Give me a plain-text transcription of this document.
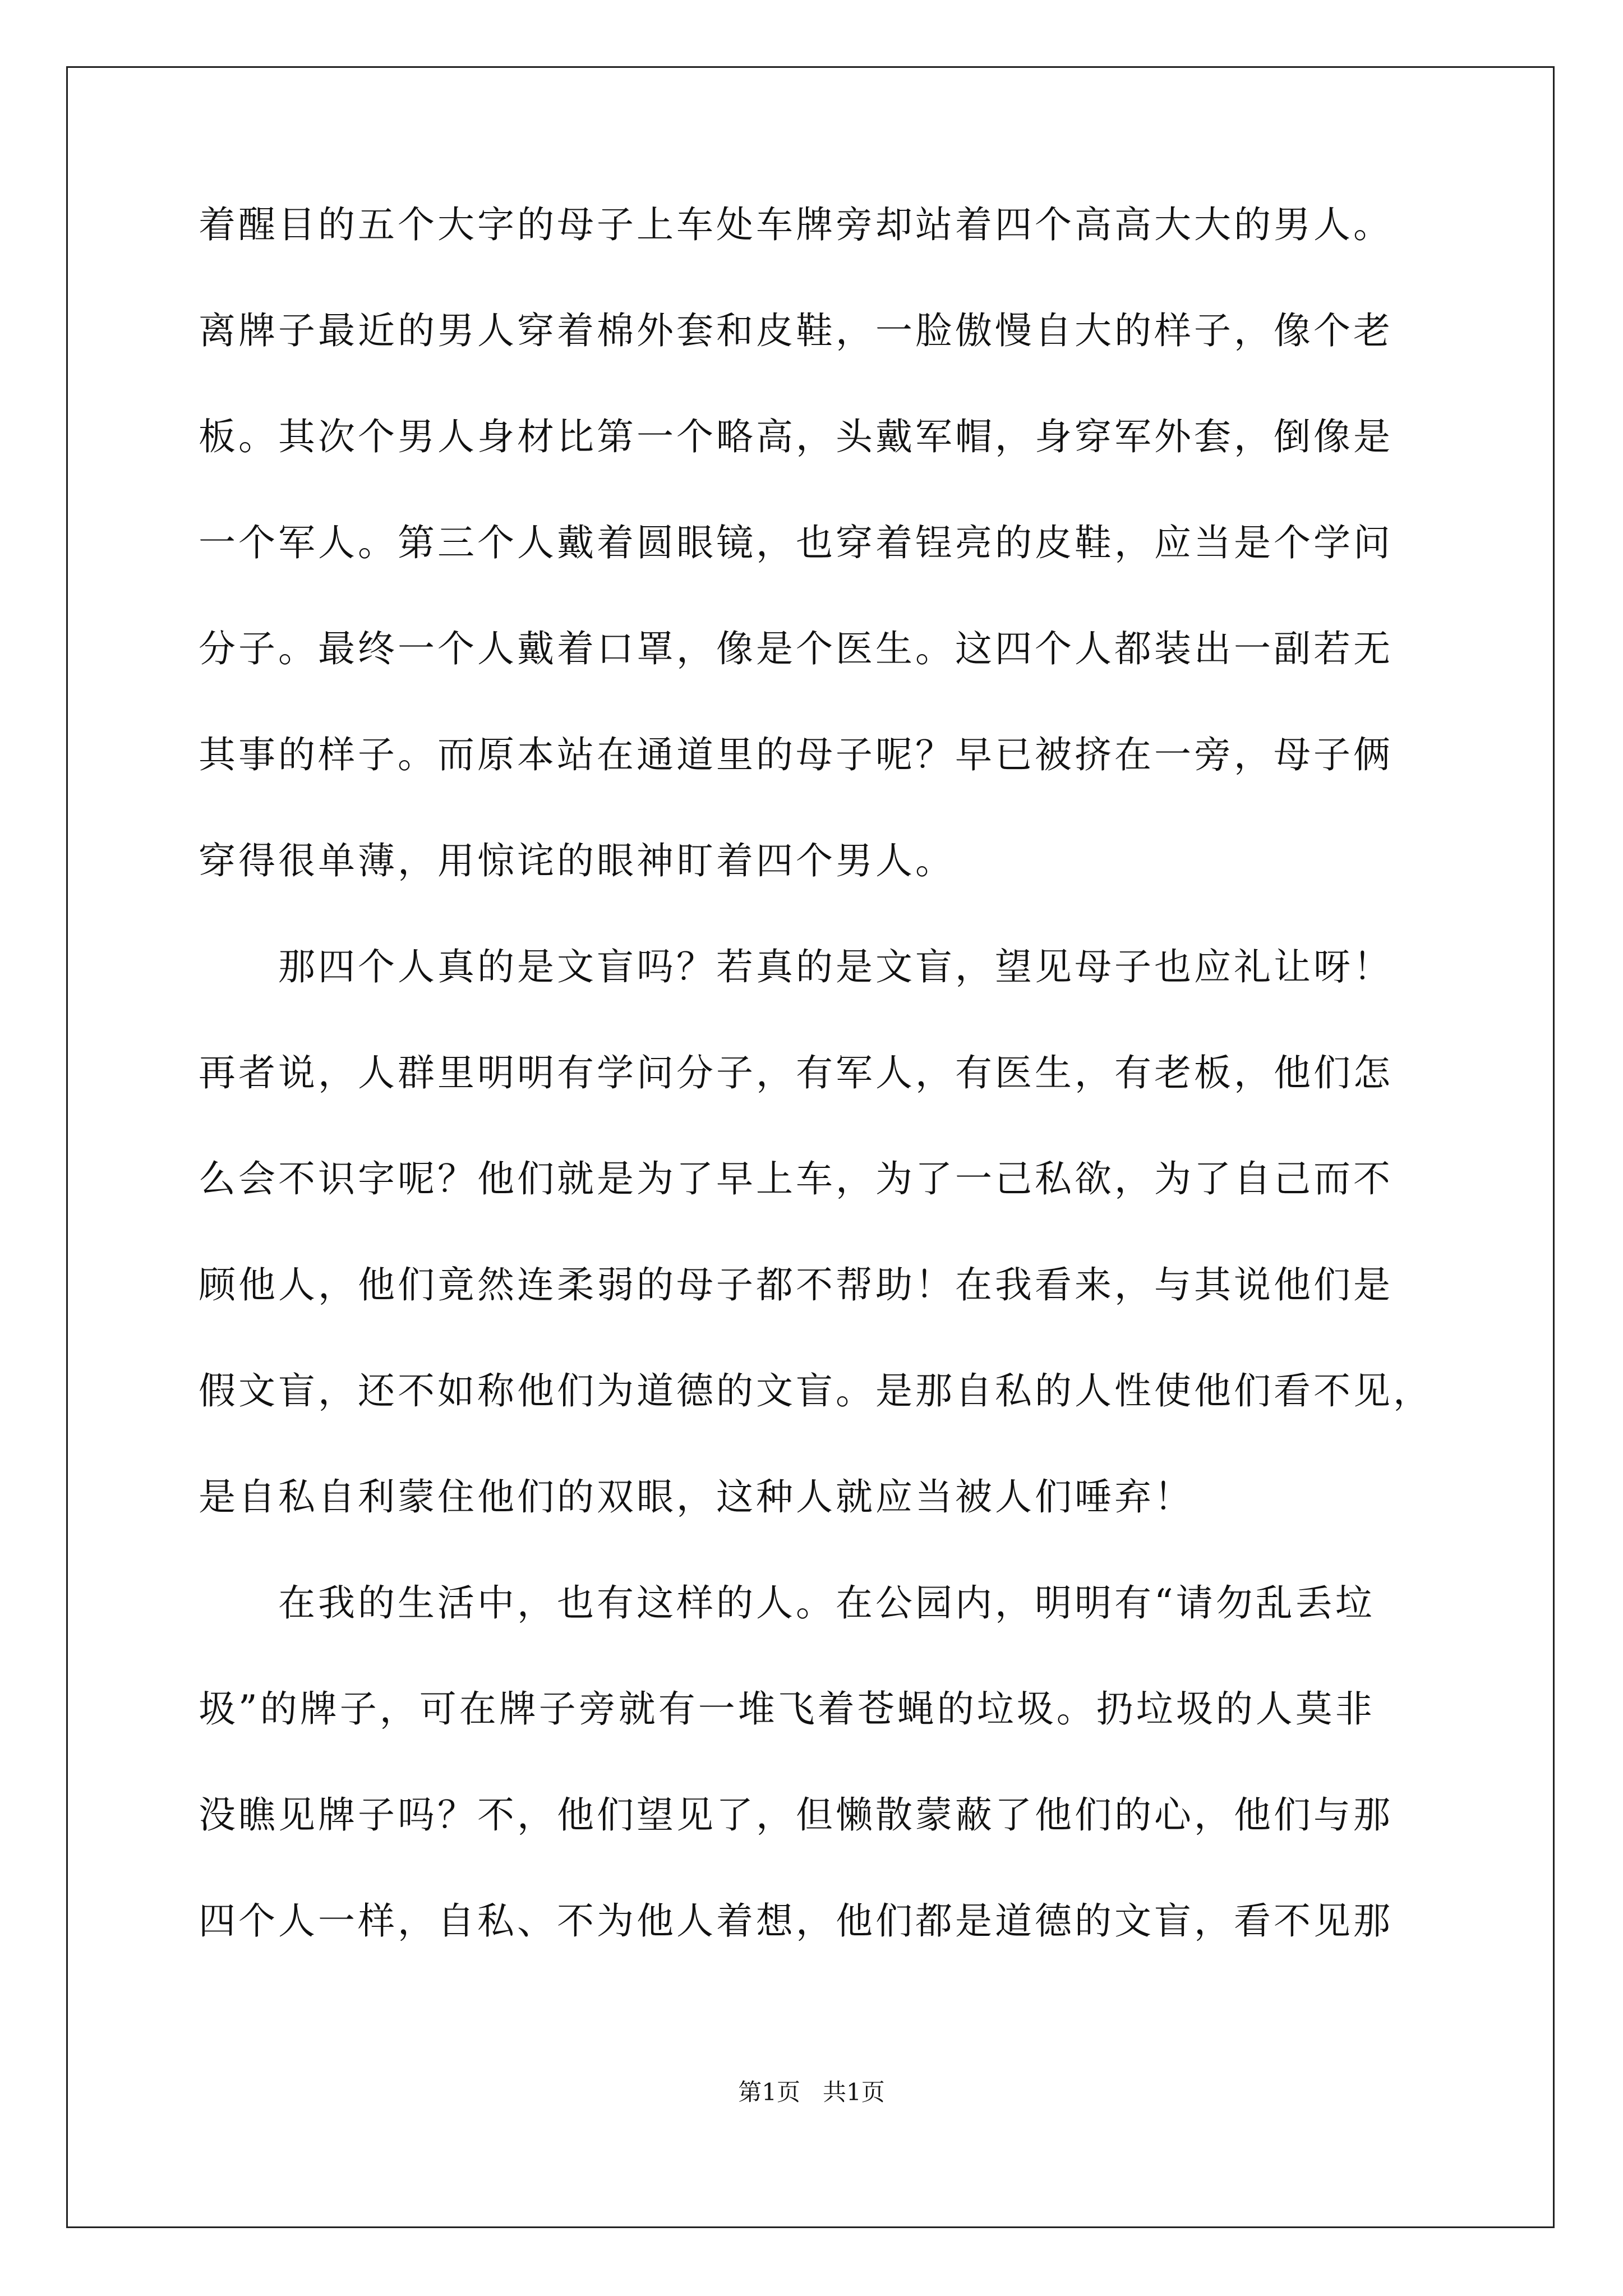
着醒目的五个大字的母子上车处车牌旁却站着四个高高大大的男人。
离牌子最近的男人穿着棉外套和皮鞋，一脸傲慢自大的样子，像个老
板。其次个男人身材比第一个略高，头戴军帽，身穿军外套，倒像是
一个军人。第三个人戴着圆眼镜，也穿着锃亮的皮鞋，应当是个学问
分子。最终一个人戴着口罩，像是个医生。这四个人都装出一副若无
其事的样子。而原本站在通道里的母子呢？早已被挤在一旁，母子俩
穿得很单薄，用惊诧的眼神盯着四个男人。
　　那四个人真的是文盲吗？若真的是文盲，望见母子也应礼让呀！
再者说，人群里明明有学问分子，有军人，有医生，有老板，他们怎
么会不识字呢？他们就是为了早上车，为了一己私欲，为了自己而不
顾他人，他们竟然连柔弱的母子都不帮助！在我看来，与其说他们是
假文盲，还不如称他们为道德的文盲。是那自私的人性使他们看不见，
是自私自利蒙住他们的双眼，这种人就应当被人们唾弃！
　　在我的生活中，也有这样的人。在公园内，明明有“请勿乱丢垃
圾”的牌子，可在牌子旁就有一堆飞着苍蝇的垃圾。扔垃圾的人莫非
没瞧见牌子吗？不，他们望见了，但懒散蒙蔽了他们的心，他们与那
四个人一样，自私、不为他人着想，他们都是道德的文盲，看不见那
第1页   共1页
